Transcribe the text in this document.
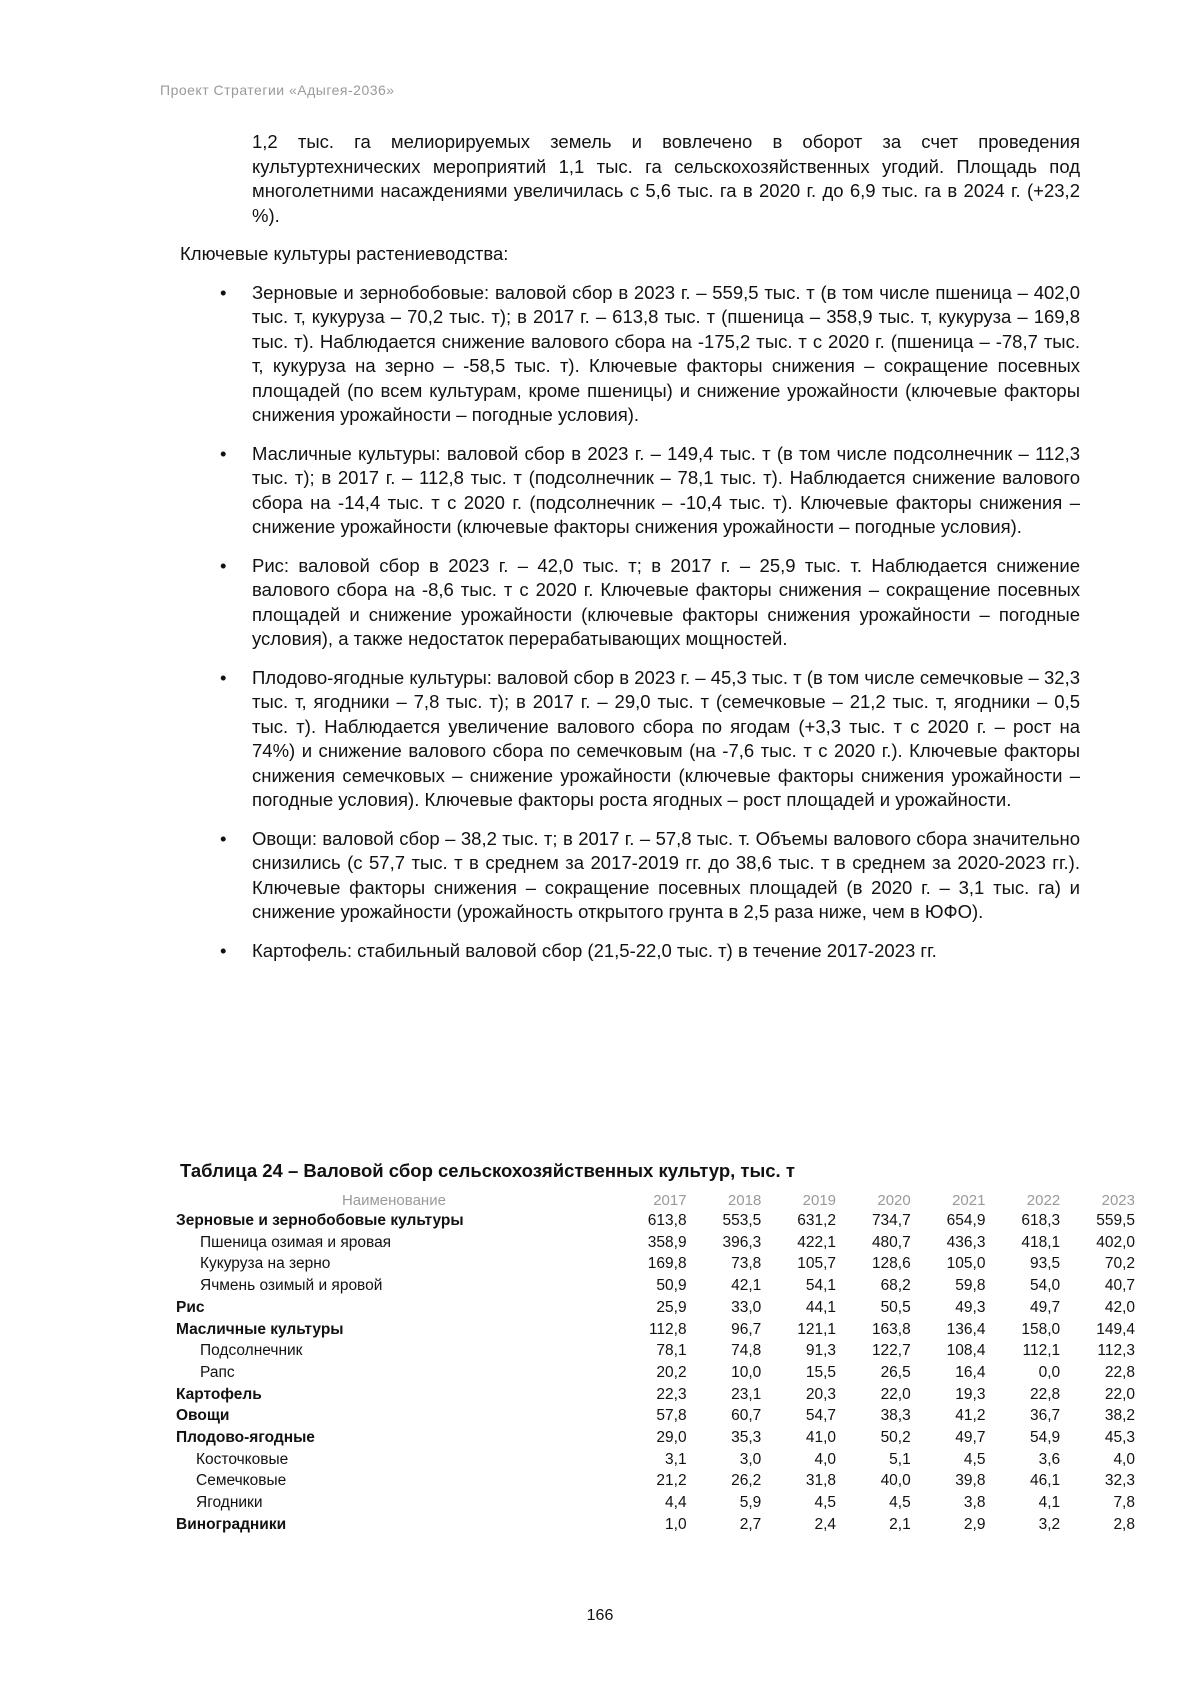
Проект Стратегии «Адыгея-2036»

1,2 тыс. га мелиорируемых земель и вовлечено в оборот за счет проведения культуртехнических мероприятий 1,1 тыс. га сельскохозяйственных угодий. Площадь под многолетними насаждениями увеличилась с 5,6 тыс. га в 2020 г. до 6,9 тыс. га в 2024 г. (+23,2 %).

Ключевые культуры растениеводства:

• Зерновые и зернобобовые: валовой сбор в 2023 г. – 559,5 тыс. т (в том числе пшеница – 402,0 тыс. т, кукуруза – 70,2 тыс. т); в 2017 г. – 613,8 тыс. т (пшеница – 358,9 тыс. т, кукуруза – 169,8 тыс. т). Наблюдается снижение валового сбора на -175,2 тыс. т с 2020 г. (пшеница – -78,7 тыс. т, кукуруза на зерно – -58,5 тыс. т). Ключевые факторы снижения – сокращение посевных площадей (по всем культурам, кроме пшеницы) и снижение урожайности (ключевые факторы снижения урожайности – погодные условия).
• Масличные культуры: валовой сбор в 2023 г. – 149,4 тыс. т (в том числе подсолнечник – 112,3 тыс. т); в 2017 г. – 112,8 тыс. т (подсолнечник – 78,1 тыс. т). Наблюдается снижение валового сбора на -14,4 тыс. т с 2020 г. (подсолнечник – -10,4 тыс. т). Ключевые факторы снижения – снижение урожайности (ключевые факторы снижения урожайности – погодные условия).
• Рис: валовой сбор в 2023 г. – 42,0 тыс. т; в 2017 г. – 25,9 тыс. т. Наблюдается снижение валового сбора на -8,6 тыс. т с 2020 г. Ключевые факторы снижения – сокращение посевных площадей и снижение урожайности (ключевые факторы снижения урожайности – погодные условия), а также недостаток перерабатывающих мощностей.
• Плодово-ягодные культуры: валовой сбор в 2023 г. – 45,3 тыс. т (в том числе семечковые – 32,3 тыс. т, ягодники – 7,8 тыс. т); в 2017 г. – 29,0 тыс. т (семечковые – 21,2 тыс. т, ягодники – 0,5 тыс. т). Наблюдается увеличение валового сбора по ягодам (+3,3 тыс. т с 2020 г. – рост на 74%) и снижение валового сбора по семечковым (на -7,6 тыс. т с 2020 г.). Ключевые факторы снижения семечковых – снижение урожайности (ключевые факторы снижения урожайности – погодные условия). Ключевые факторы роста ягодных – рост площадей и урожайности.
• Овощи: валовой сбор – 38,2 тыс. т; в 2017 г. – 57,8 тыс. т. Объемы валового сбора значительно снизились (с 57,7 тыс. т в среднем за 2017-2019 гг. до 38,6 тыс. т в среднем за 2020-2023 гг.). Ключевые факторы снижения – сокращение посевных площадей (в 2020 г. – 3,1 тыс. га) и снижение урожайности (урожайность открытого грунта в 2,5 раза ниже, чем в ЮФО).
• Картофель: стабильный валовой сбор (21,5-22,0 тыс. т) в течение 2017-2023 гг.
Таблица 24 – Валовой сбор сельскохозяйственных культур, тыс. т
Наименование	2017	2018	2019	2020	2021	2022	2023
Зерновые и зернобобовые культуры	613,8	553,5	631,2	734,7	654,9	618,3	559,5
Пшеница озимая и яровая	358,9	396,3	422,1	480,7	436,3	418,1	402,0
Кукуруза на зерно	169,8	73,8	105,7	128,6	105,0	93,5	70,2
Ячмень озимый и яровой	50,9	42,1	54,1	68,2	59,8	54,0	40,7
Рис	25,9	33,0	44,1	50,5	49,3	49,7	42,0
Масличные культуры	112,8	96,7	121,1	163,8	136,4	158,0	149,4
Подсолнечник	78,1	74,8	91,3	122,7	108,4	112,1	112,3
Рапс	20,2	10,0	15,5	26,5	16,4	0,0	22,8
Картофель	22,3	23,1	20,3	22,0	19,3	22,8	22,0
Овощи	57,8	60,7	54,7	38,3	41,2	36,7	38,2
Плодово-ягодные	29,0	35,3	41,0	50,2	49,7	54,9	45,3
Косточковые	3,1	3,0	4,0	5,1	4,5	3,6	4,0
Семечковые	21,2	26,2	31,8	40,0	39,8	46,1	32,3
Ягодники	4,4	5,9	4,5	4,5	3,8	4,1	7,8
Виноградники	1,0	2,7	2,4	2,1	2,9	3,2	2,8
166
